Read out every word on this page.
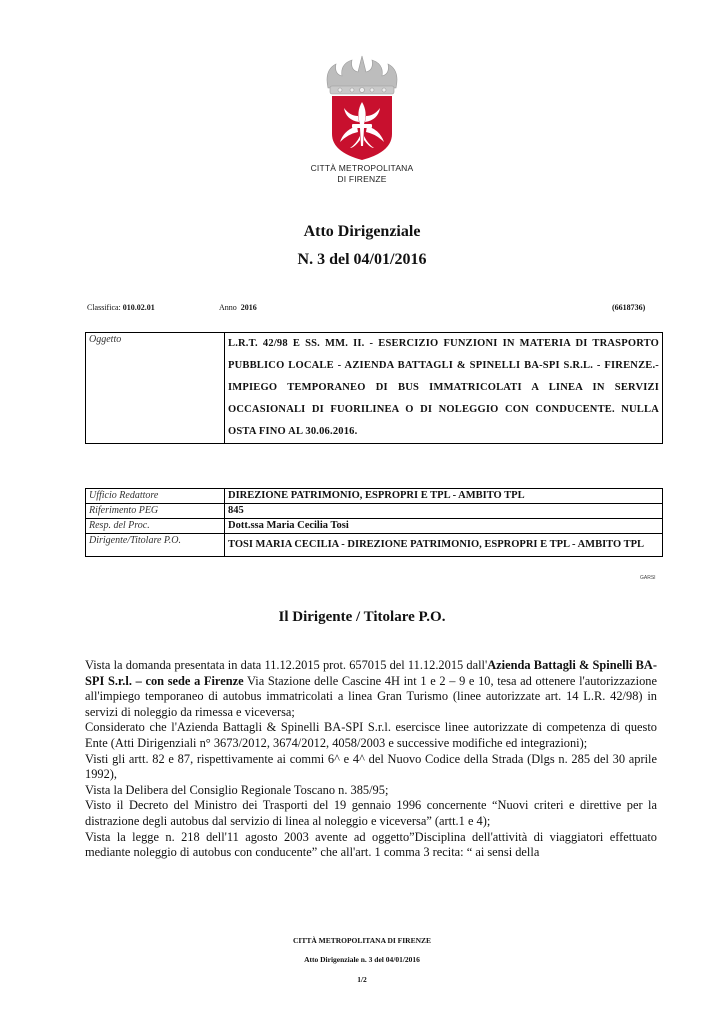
CITTÀ METROPOLITANA
DI FIRENZE
Atto Dirigenziale
N. 3 del 04/01/2016
Classifica: 010.02.01	Anno 2016	(6618736)
Oggetto	L.R.T. 42/98 E SS. MM. II. - ESERCIZIO FUNZIONI IN MATERIA DI TRASPORTO PUBBLICO LOCALE - AZIENDA BATTAGLI & SPINELLI BA-SPI S.R.L. - FIRENZE.- IMPIEGO TEMPORANEO DI BUS IMMATRICOLATI A LINEA IN SERVIZI OCCASIONALI DI FUORILINEA O DI NOLEGGIO CON CONDUCENTE. NULLA OSTA FINO AL 30.06.2016.
Ufficio Redattore	DIREZIONE PATRIMONIO, ESPROPRI E TPL - AMBITO TPL
Riferimento PEG	845
Resp. del Proc.	Dott.ssa Maria Cecilia Tosi
Dirigente/Titolare P.O.	TOSI MARIA CECILIA - DIREZIONE PATRIMONIO, ESPROPRI E TPL - AMBITO TPL
GARSI
Il Dirigente / Titolare P.O.

Vista la domanda presentata in data 11.12.2015 prot. 657015 del 11.12.2015 dall'Azienda Battagli & Spinelli BA-SPI S.r.l. – con sede a Firenze Via Stazione delle Cascine 4H int 1 e 2 – 9 e 10, tesa ad ottenere l'autorizzazione all'impiego temporaneo di autobus immatricolati a linea Gran Turismo (linee autorizzate art. 14 L.R. 42/98) in servizi di noleggio da rimessa e viceversa;

Considerato che l'Azienda Battagli & Spinelli BA-SPI S.r.l. esercisce linee autorizzate di competenza di questo Ente (Atti Dirigenziali n° 3673/2012, 3674/2012, 4058/2003 e successive modifiche ed integrazioni);

Visti gli artt. 82 e 87, rispettivamente ai commi 6^ e 4^ del Nuovo Codice della Strada (Dlgs n. 285 del 30 aprile 1992),

Vista la Delibera del Consiglio Regionale Toscano n. 385/95;

Visto il Decreto del Ministro dei Trasporti del 19 gennaio 1996 concernente “Nuovi criteri e direttive per la distrazione degli autobus dal servizio di linea al noleggio e viceversa” (artt.1 e 4);

Vista la legge n. 218 dell'11 agosto 2003 avente ad oggetto”Disciplina dell'attività di viaggiatori effettuato mediante noleggio di autobus con conducente” che all'art. 1 comma 3 recita: “ ai sensi della

CITTÀ METROPOLITANA DI FIRENZE
Atto Dirigenziale n. 3 del 04/01/2016
1/2
